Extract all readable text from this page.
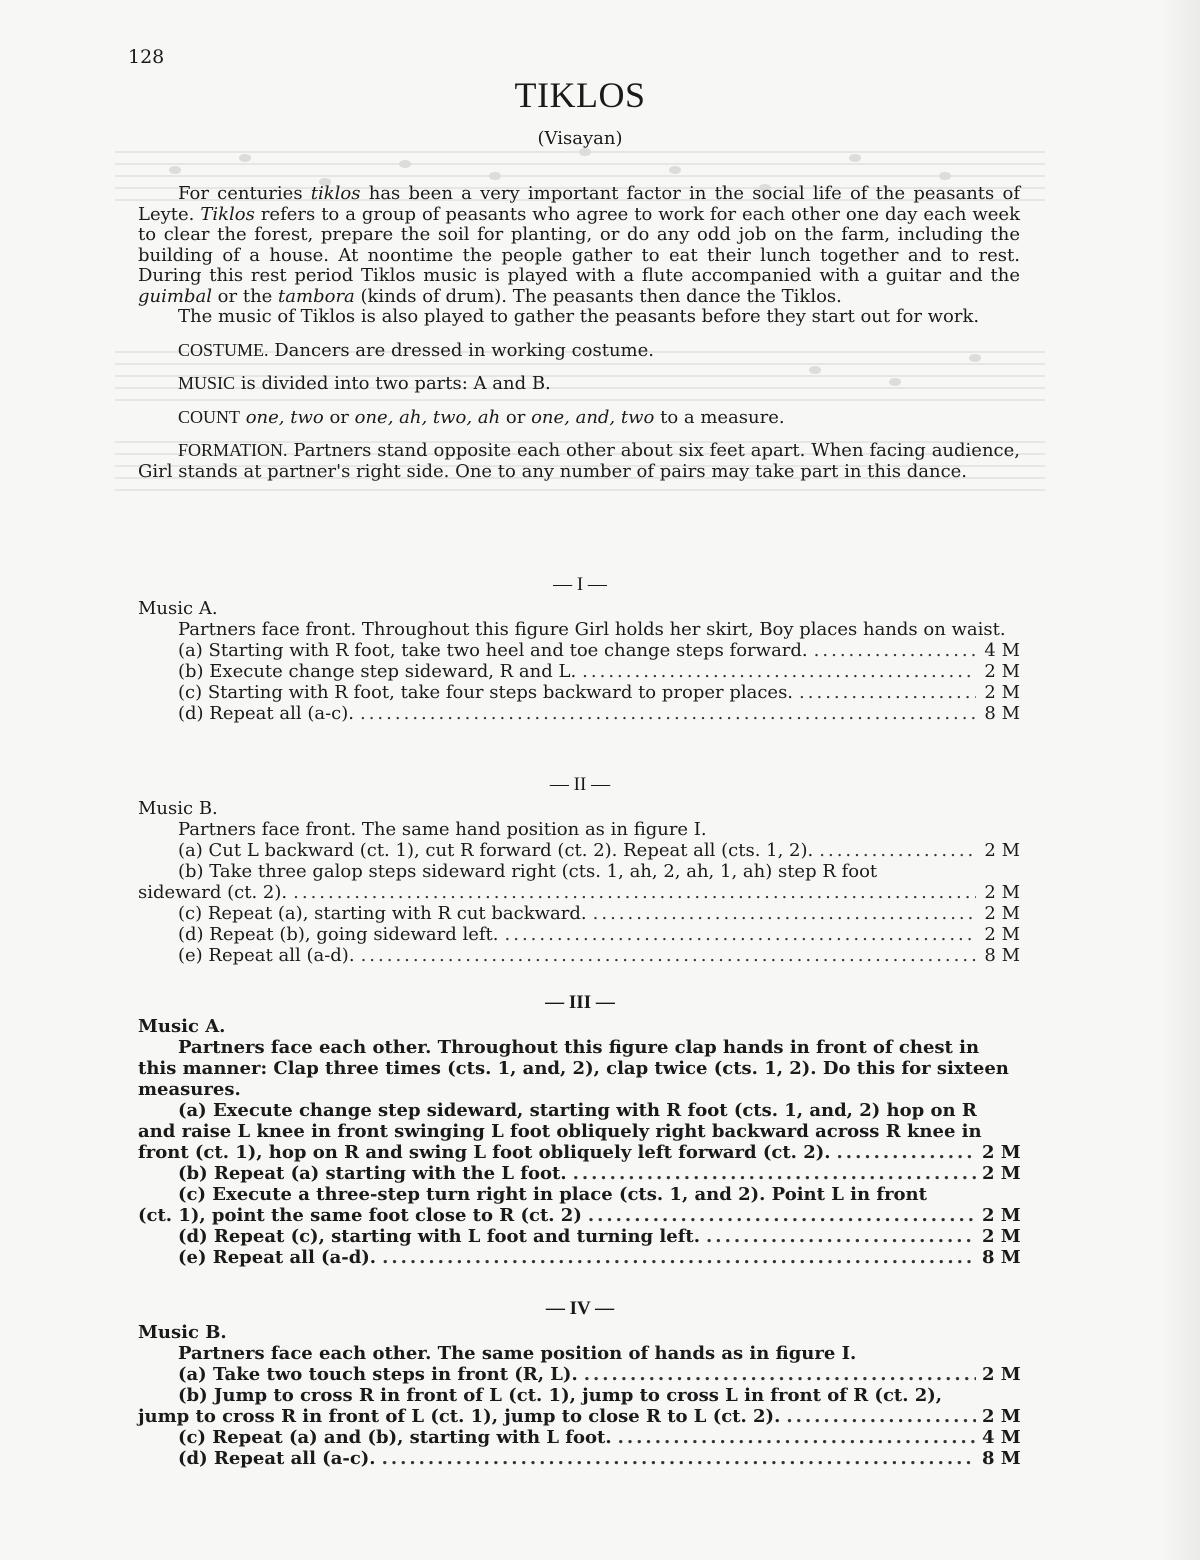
128
TIKLOS
(Visayan)

For centuries tiklos has been a very important factor in the social life of the peasants of Leyte. Tiklos refers to a group of peasants who agree to work for each other one day each week to clear the forest, prepare the soil for planting, or do any odd job on the farm, including the building of a house. At noontime the people gather to eat their lunch together and to rest. During this rest period Tiklos music is played with a flute accompanied with a guitar and the guimbal or the tambora (kinds of drum). The peasants then dance the Tiklos.

The music of Tiklos is also played to gather the peasants before they start out for work.

COSTUME. Dancers are dressed in working costume.

MUSIC is divided into two parts: A and B.

COUNT one, two or one, ah, two, ah or one, and, two to a measure.

FORMATION. Partners stand opposite each other about six feet apart. When facing audience, Girl stands at partner's right side. One to any number of pairs may take part in this dance.

— I —

Music A.

Partners face front. Throughout this figure Girl holds her skirt, Boy places hands on waist.

(a) Starting with R foot, take two heel and toe change steps forward. .....	4 M
(b) Execute change step sideward, R and L. .....	2 M
(c) Starting with R foot, take four steps backward to proper places. .....	2 M
(d) Repeat all (a-c). .....	8 M
— II —

Music B.

Partners face front. The same hand position as in figure I.

(a) Cut L backward (ct. 1), cut R forward (ct. 2). Repeat all (cts. 1, 2). .....	2 M
(b) Take three galop steps sideward right (cts. 1, ah, 2, ah, 1, ah) step R foot
sideward (ct. 2). .....	2 M
(c) Repeat (a), starting with R cut backward. .....	2 M
(d) Repeat (b), going sideward left. .....	2 M
(e) Repeat all (a-d). .....	8 M
— III —

Music A.

Partners face each other. Throughout this figure clap hands in front of chest in this manner: Clap three times (cts. 1, and, 2), clap twice (cts. 1, 2). Do this for sixteen measures.

(a) Execute change step sideward, starting with R foot (cts. 1, and, 2) hop on R
and raise L knee in front swinging L foot obliquely right backward across R knee in
front (ct. 1), hop on R and swing L foot obliquely left forward (ct. 2). .....	2 M
(b) Repeat (a) starting with the L foot. .....	2 M
(c) Execute a three-step turn right in place (cts. 1, and 2). Point L in front
(ct. 1), point the same foot close to R (ct. 2) .....	2 M
(d) Repeat (c), starting with L foot and turning left. .....	2 M
(e) Repeat all (a-d). .....	8 M
— IV —

Music B.

Partners face each other. The same position of hands as in figure I.

(a) Take two touch steps in front (R, L). .....	2 M
(b) Jump to cross R in front of L (ct. 1), jump to cross L in front of R (ct. 2),
jump to cross R in front of L (ct. 1), jump to close R to L (ct. 2). .....	2 M
(c) Repeat (a) and (b), starting with L foot. .....	4 M
(d) Repeat all (a-c). .....	8 M
